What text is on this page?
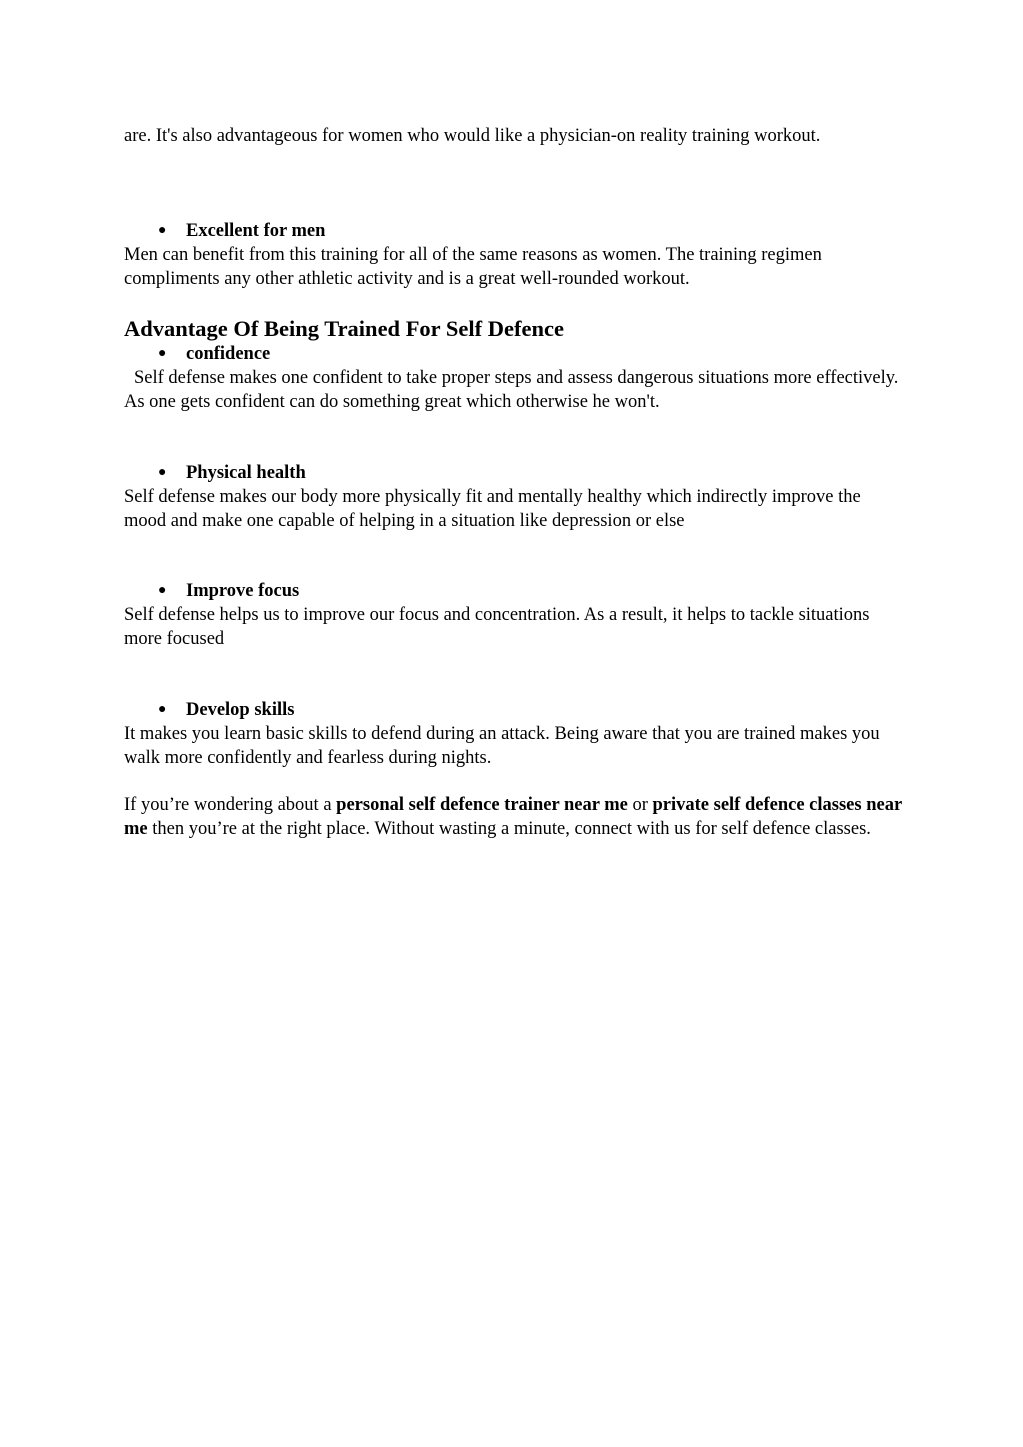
are. It's also advantageous for women who would like a physician-on reality training workout.

● Excellent for men

Men can benefit from this training for all of the same reasons as women. The training regimen compliments any other athletic activity and is a great well-rounded workout.

Advantage Of Being Trained For Self Defence
● confidence

Self defense makes one confident to take proper steps and assess dangerous situations more effectively. As one gets confident can do something great which otherwise he won't.

● Physical health

Self defense makes our body more physically fit and mentally healthy which indirectly improve the mood and make one capable of helping in a situation like depression or else

● Improve focus

Self defense helps us to improve our focus and concentration. As a result, it helps to tackle situations more focused

● Develop skills

It makes you learn basic skills to defend during an attack. Being aware that you are trained makes you walk more confidently and fearless during nights.

If you’re wondering about a personal self defence trainer near me or private self defence classes near me then you’re at the right place. Without wasting a minute, connect with us for self defence classes.
